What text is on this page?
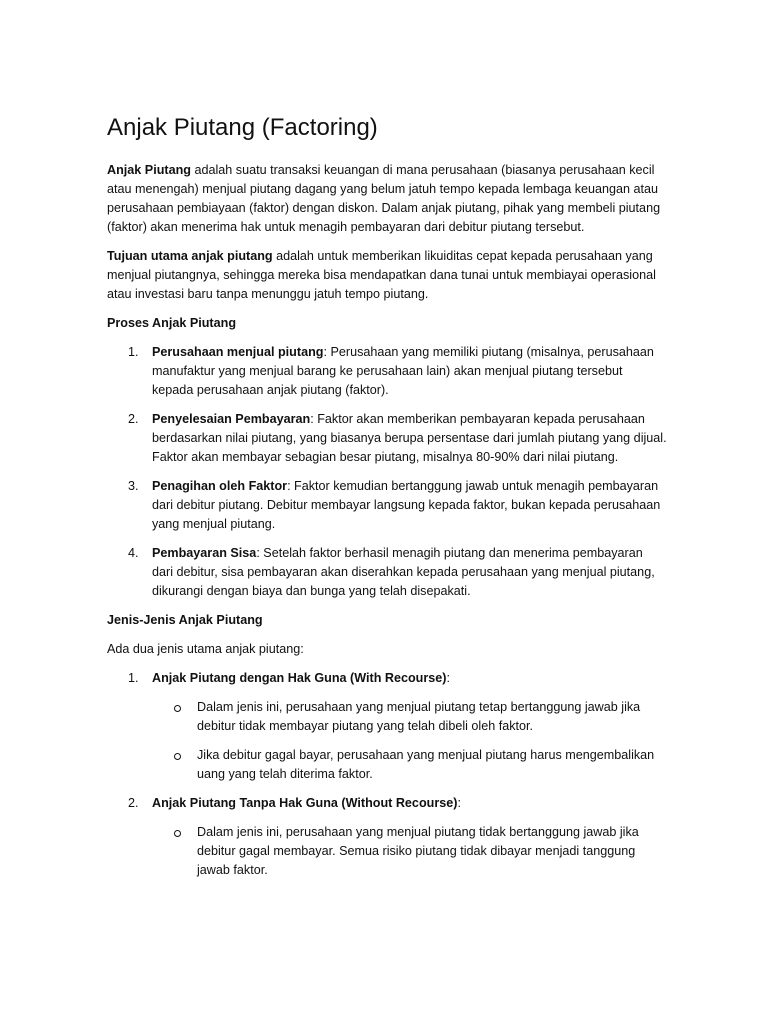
Anjak Piutang (Factoring)

Anjak Piutang adalah suatu transaksi keuangan di mana perusahaan (biasanya perusahaan kecil atau menengah) menjual piutang dagang yang belum jatuh tempo kepada lembaga keuangan atau perusahaan pembiayaan (faktor) dengan diskon. Dalam anjak piutang, pihak yang membeli piutang (faktor) akan menerima hak untuk menagih pembayaran dari debitur piutang tersebut.

Tujuan utama anjak piutang adalah untuk memberikan likuiditas cepat kepada perusahaan yang menjual piutangnya, sehingga mereka bisa mendapatkan dana tunai untuk membiayai operasional atau investasi baru tanpa menunggu jatuh tempo piutang.

Proses Anjak Piutang

1. Perusahaan menjual piutang: Perusahaan yang memiliki piutang (misalnya, perusahaan manufaktur yang menjual barang ke perusahaan lain) akan menjual piutang tersebut kepada perusahaan anjak piutang (faktor).
2. Penyelesaian Pembayaran: Faktor akan memberikan pembayaran kepada perusahaan berdasarkan nilai piutang, yang biasanya berupa persentase dari jumlah piutang yang dijual. Faktor akan membayar sebagian besar piutang, misalnya 80-90% dari nilai piutang.
3. Penagihan oleh Faktor: Faktor kemudian bertanggung jawab untuk menagih pembayaran dari debitur piutang. Debitur membayar langsung kepada faktor, bukan kepada perusahaan yang menjual piutang.
4. Pembayaran Sisa: Setelah faktor berhasil menagih piutang dan menerima pembayaran dari debitur, sisa pembayaran akan diserahkan kepada perusahaan yang menjual piutang, dikurangi dengan biaya dan bunga yang telah disepakati.

Jenis-Jenis Anjak Piutang

Ada dua jenis utama anjak piutang:

1. Anjak Piutang dengan Hak Guna (With Recourse):
Dalam jenis ini, perusahaan yang menjual piutang tetap bertanggung jawab jika debitur tidak membayar piutang yang telah dibeli oleh faktor.
Jika debitur gagal bayar, perusahaan yang menjual piutang harus mengembalikan uang yang telah diterima faktor.
2. Anjak Piutang Tanpa Hak Guna (Without Recourse):
Dalam jenis ini, perusahaan yang menjual piutang tidak bertanggung jawab jika debitur gagal membayar. Semua risiko piutang tidak dibayar menjadi tanggung jawab faktor.
